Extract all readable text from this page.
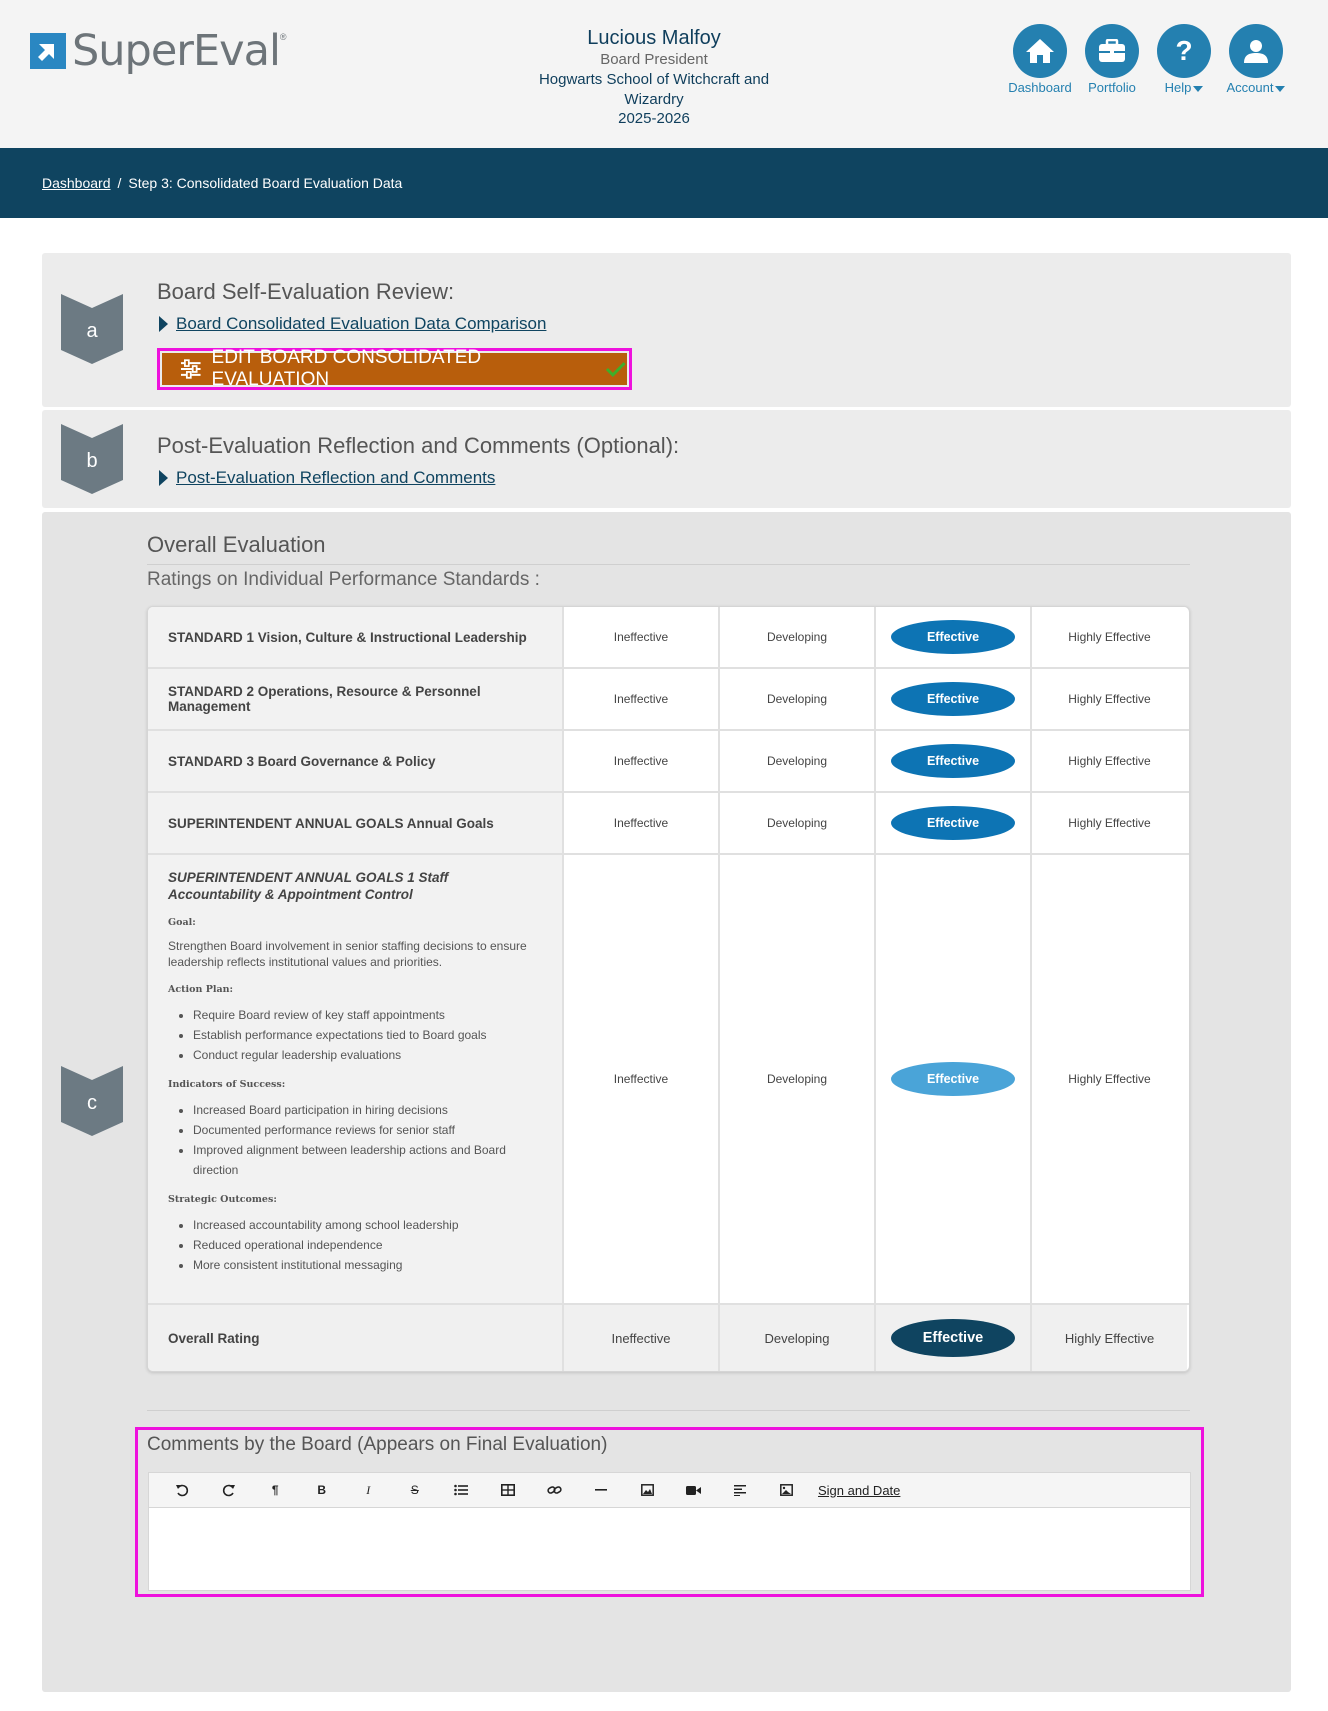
SuperEval ®	Lucious Malfoy
Board President
Hogwarts School of Witchcraft and
Wizardry
2025-2026
Dashboard	Portfolio
?
Help	Account
Dashboard / Step 3: Consolidated Board Evaluation Data
a
Board Self-Evaluation Review:
Board Consolidated Evaluation Data Comparison
EDIT BOARD CONSOLIDATED EVALUATION
b
Post-Evaluation Reflection and Comments (Optional):
Post-Evaluation Reflection and Comments
c
Overall Evaluation
Ratings on Individual Performance Standards :
STANDARD 1 Vision, Culture & Instructional Leadership	Ineffective	Developing	Effective	Highly Effective
STANDARD 2 Operations, Resource & Personnel Management	Ineffective	Developing	Effective	Highly Effective
STANDARD 3 Board Governance & Policy	Ineffective	Developing	Effective	Highly Effective
SUPERINTENDENT ANNUAL GOALS Annual Goals	Ineffective	Developing	Effective	Highly Effective
SUPERINTENDENT ANNUAL GOALS 1 Staff Accountability & Appointment Control
Goal:
Strengthen Board involvement in senior staffing decisions to ensure leadership reflects institutional values and priorities.
Action Plan:
• Require Board review of key staff appointments
• Establish performance expectations tied to Board goals
• Conduct regular leadership evaluations
Indicators of Success:
• Increased Board participation in hiring decisions
• Documented performance reviews for senior staff
• Improved alignment between leadership actions and Board direction
Strategic Outcomes:
• Increased accountability among school leadership
• Reduced operational independence
• More consistent institutional messaging
Ineffective	Developing	Effective	Highly Effective
Overall Rating	Ineffective	Developing	Effective	Highly Effective
Comments by the Board (Appears on Final Evaluation)
¶	B	I	S	Sign and Date
